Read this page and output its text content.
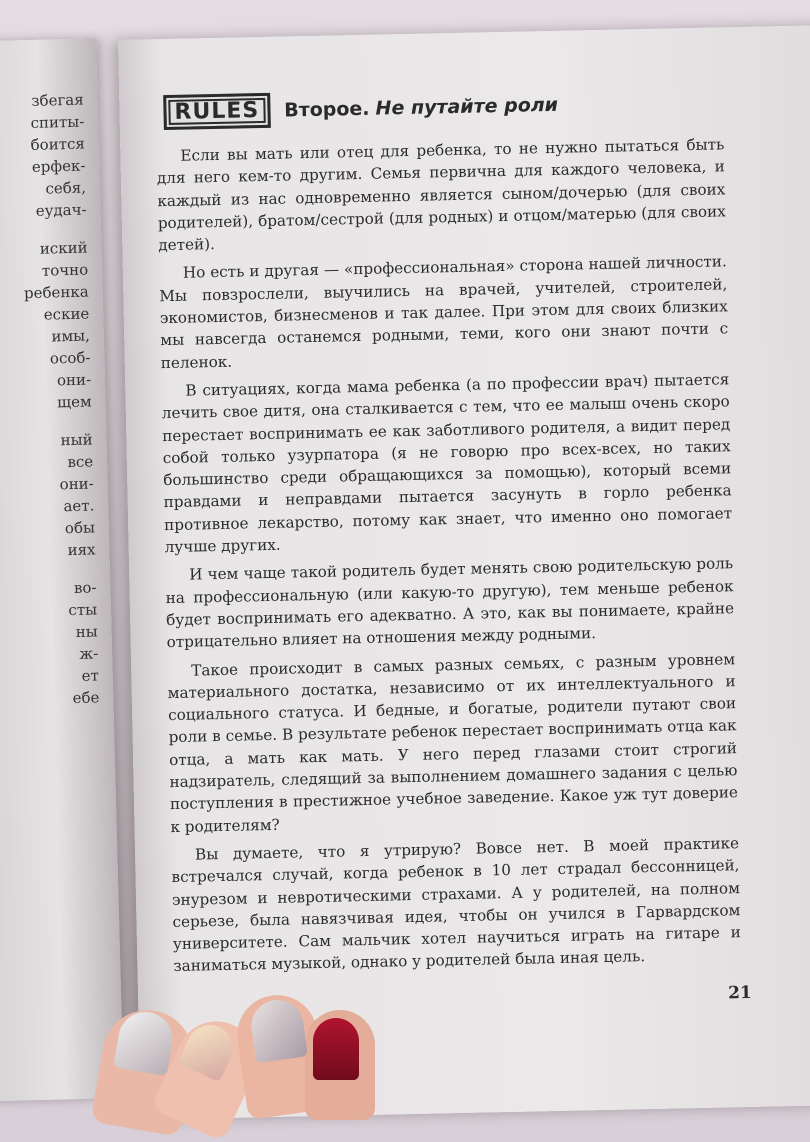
збегая
спиты-
боится
ерфек-
себя,
еудач-
иский
точно
ребенка
еские
имы,
особ-
они-
щем
ный
все
они-
ает.
обы
иях
во-
сты
ны
ж-
ет
ебе
RULES	Второе. Не путайте роли

Если вы мать или отец для ребенка, то не нужно пытаться быть для него кем-то другим. Семья первична для каждого человека, и каждый из нас одновременно является сыном/дочерью (для своих родителей), братом/сестрой (для родных) и отцом/матерью (для своих детей).

Но есть и другая — «профессиональная» сторона нашей личности. Мы повзрослели, выучились на врачей, учителей, строителей, экономистов, бизнесменов и так далее. При этом для своих близких мы навсегда останемся родными, теми, кого они знают почти с пеленок.

В ситуациях, когда мама ребенка (а по профессии врач) пытается лечить свое дитя, она сталкивается с тем, что ее малыш очень скоро перестает воспринимать ее как заботливого родителя, а видит перед собой только узурпатора (я не говорю про всех-всех, но таких большинство среди обращающихся за помощью), который всеми правдами и неправдами пытается засунуть в горло ребенка противное лекарство, потому как знает, что именно оно помогает лучше других.

И чем чаще такой родитель будет менять свою родительскую роль на профессиональную (или какую-то другую), тем меньше ребенок будет воспринимать его адекватно. А это, как вы понимаете, крайне отрицательно влияет на отношения между родными.

Такое происходит в самых разных семьях, с разным уровнем материального достатка, независимо от их интеллектуального и социального статуса. И бедные, и богатые, родители путают свои роли в семье. В результате ребенок перестает воспринимать отца как отца, а мать как мать. У него перед глазами стоит строгий надзиратель, следящий за выполнением домашнего задания с целью поступления в престижное учебное заведение. Какое уж тут доверие к родителям?

Вы думаете, что я утрирую? Вовсе нет. В моей практике встречался случай, когда ребенок в 10 лет страдал бессонницей, энурезом и невротическими страхами. А у родителей, на полном серьезе, была навязчивая идея, чтобы он учился в Гарвардском университете. Сам мальчик хотел научиться играть на гитаре и заниматься музыкой, однако у родителей была иная цель.

21
